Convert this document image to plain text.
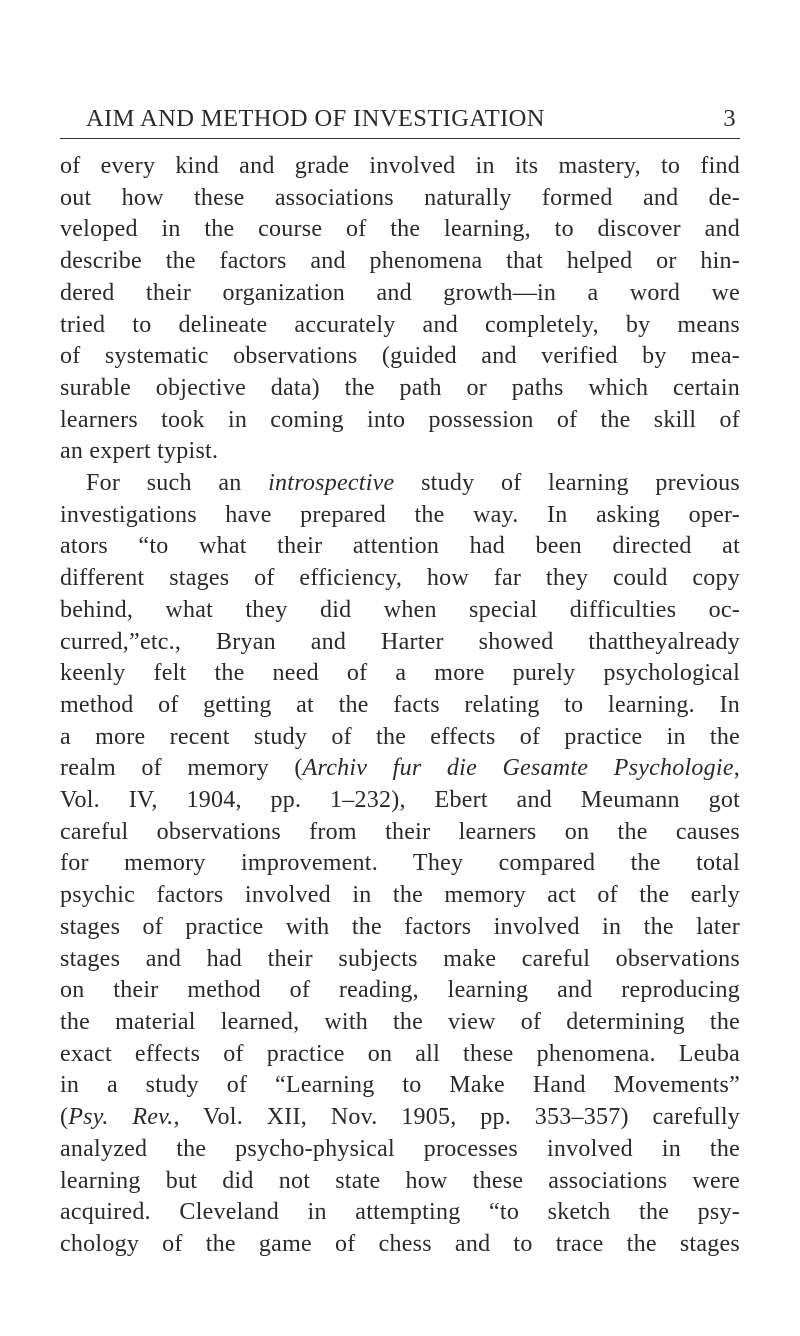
AIM AND METHOD OF INVESTIGATION	3
of every kind and grade involved in its mastery, to find
out how these associations naturally formed and de-
veloped in the course of the learning, to discover and
describe the factors and phenomena that helped or hin-
dered their organization and growth—in a word we
tried to delineate accurately and completely, by means
of systematic observations (guided and verified by mea-
surable objective data) the path or paths which certain
learners took in coming into possession of the skill of
an expert typist.
For such an introspective study of learning previous
investigations have prepared the way. In asking oper-
ators “to what their attention had been directed at
different stages of efficiency, how far they could copy
behind, what they did when special difficulties oc-
curred,”etc., Bryan and Harter showed thattheyalready
keenly felt the need of a more purely psychological
method of getting at the facts relating to learning. In
a more recent study of the effects of practice in the
realm of memory (Archiv fur die Gesamte Psychologie,
Vol. IV, 1904, pp. 1–232), Ebert and Meumann got
careful observations from their learners on the causes
for memory improvement. They compared the total
psychic factors involved in the memory act of the early
stages of practice with the factors involved in the later
stages and had their subjects make careful observations
on their method of reading, learning and reproducing
the material learned, with the view of determining the
exact effects of practice on all these phenomena. Leuba
in a study of “Learning to Make Hand Movements”
(Psy. Rev., Vol. XII, Nov. 1905, pp. 353–357) carefully
analyzed the psycho-physical processes involved in the
learning but did not state how these associations were
acquired. Cleveland in attempting “to sketch the psy-
chology of the game of chess and to trace the stages
